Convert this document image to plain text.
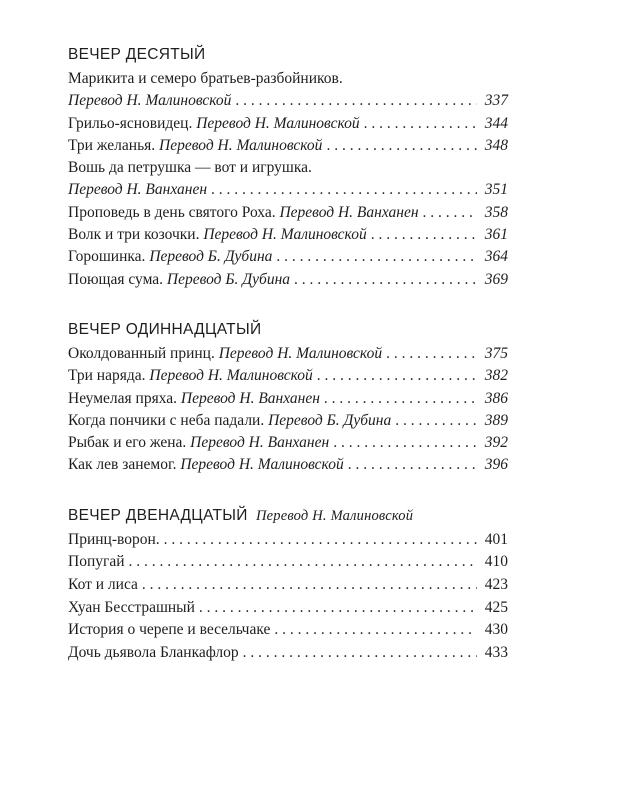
ВЕЧЕР ДЕСЯТЫЙ
Марикита и семеро братьев-разбойников.
Перевод Н. Малиновской . . .	337
Грильо-ясновидец. Перевод Н. Малиновской . . .	344
Три желанья. Перевод Н. Малиновской . . .	348
Вошь да петрушка — вот и игрушка.
Перевод Н. Ванханен . . .	351
Проповедь в день святого Роха. Перевод Н. Ванханен . . .	358
Волк и три козочки. Перевод Н. Малиновской . . .	361
Горошинка. Перевод Б. Дубина . . .	364
Поющая сума. Перевод Б. Дубина . . .	369
ВЕЧЕР ОДИННАДЦАТЫЙ
Околдованный принц. Перевод Н. Малиновской . . .	375
Три наряда. Перевод Н. Малиновской . . .	382
Неумелая пряха. Перевод Н. Ванханен . . .	386
Когда пончики с неба падали. Перевод Б. Дубина . . .	389
Рыбак и его жена. Перевод Н. Ванханен . . .	392
Как лев занемог. Перевод Н. Малиновской . . .	396
ВЕЧЕР ДВЕНАДЦАТЫЙ Перевод Н. Малиновской
Принц-ворон. . . .	401
Попугай . . .	410
Кот и лиса . . .	423
Хуан Бесстрашный . . .	425
История о черепе и весельчаке . . .	430
Дочь дьявола Бланкафлор . . .	433
